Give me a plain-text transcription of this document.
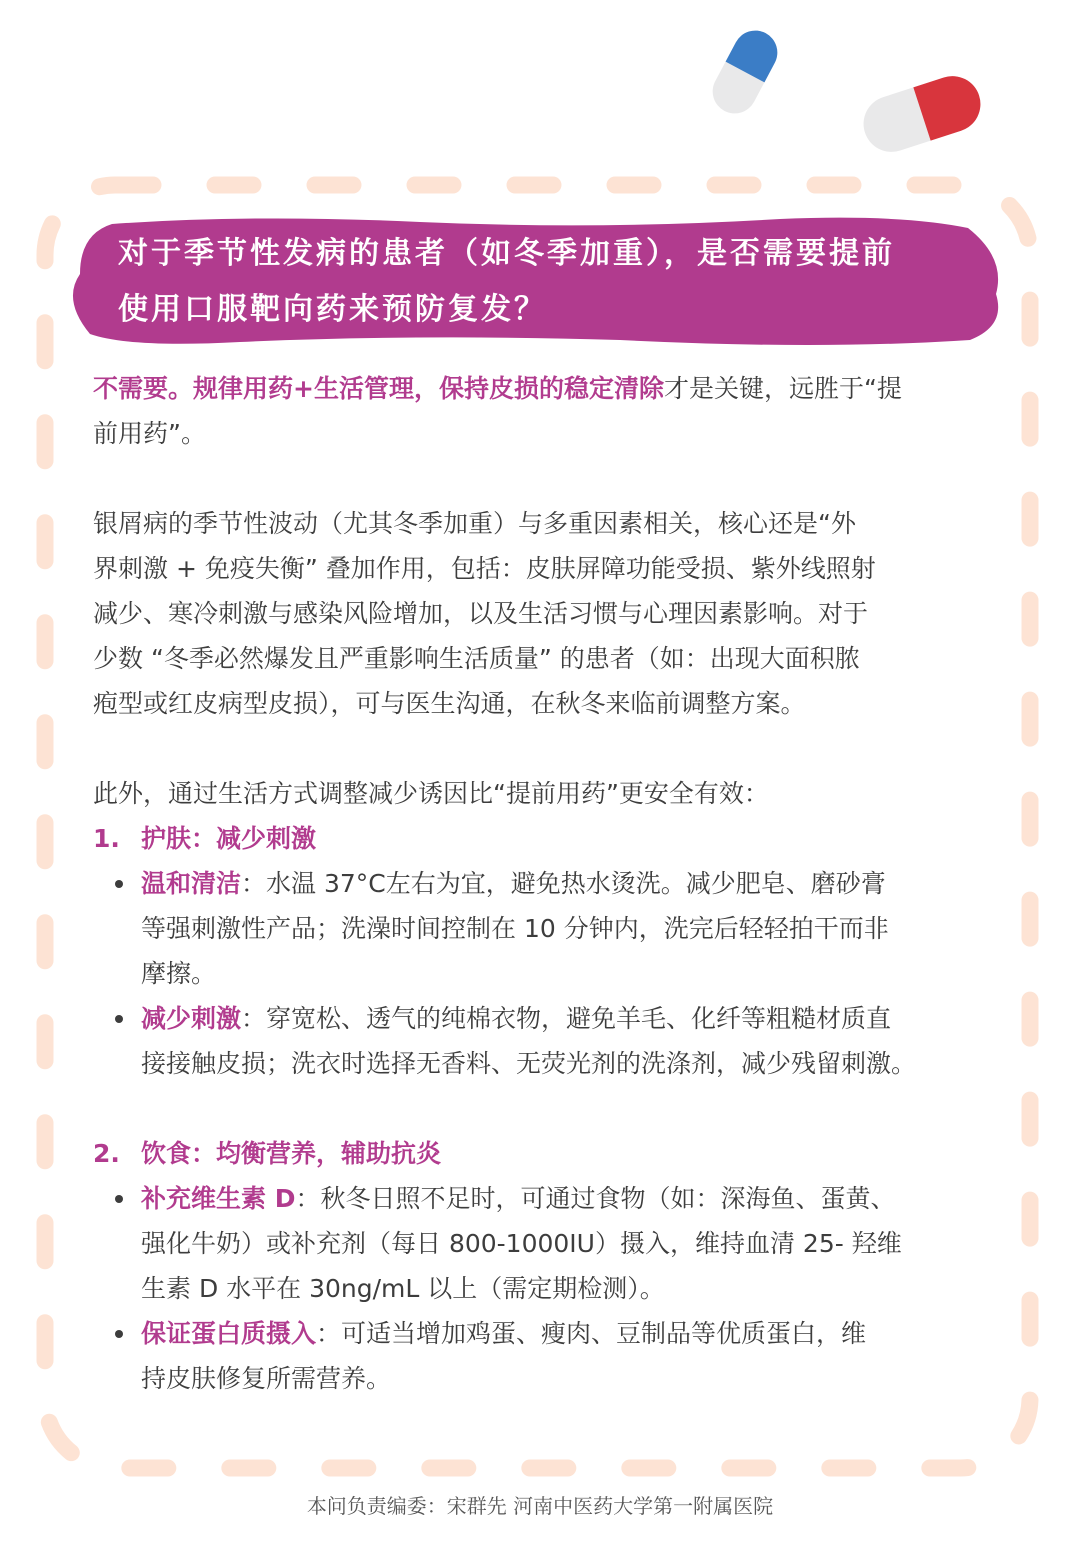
对于季节性发病的患者（如冬季加重），是否需要提前
使用口服靶向药来预防复发？

不需要。规律用药+生活管理，保持皮损的稳定清除才是关键，远胜于“提
前用药”。

银屑病的季节性波动（尤其冬季加重）与多重因素相关，核心还是“外
界刺激 + 免疫失衡” 叠加作用，包括：皮肤屏障功能受损、紫外线照射
减少、寒冷刺激与感染风险增加，以及生活习惯与心理因素影响。对于
少数 “冬季必然爆发且严重影响生活质量” 的患者（如：出现大面积脓
疱型或红皮病型皮损），可与医生沟通，在秋冬来临前调整方案。

此外，通过生活方式调整减少诱因比“提前用药”更安全有效：

1. 护肤：减少刺激
温和清洁：水温 37°C左右为宜，避免热水烫洗。减少肥皂、磨砂膏
等强刺激性产品；洗澡时间控制在 10 分钟内，洗完后轻轻拍干而非
摩擦。
减少刺激：穿宽松、透气的纯棉衣物，避免羊毛、化纤等粗糙材质直
接接触皮损；洗衣时选择无香料、无荧光剂的洗涤剂，减少残留刺激。
2. 饮食：均衡营养，辅助抗炎
补充维生素 D：秋冬日照不足时，可通过食物（如：深海鱼、蛋黄、
强化牛奶）或补充剂（每日 800-1000IU）摄入，维持血清 25- 羟维
生素 D 水平在 30ng/mL 以上（需定期检测）。
保证蛋白质摄入：可适当增加鸡蛋、瘦肉、豆制品等优质蛋白，维
持皮肤修复所需营养。
本问负责编委：宋群先 河南中医药大学第一附属医院
